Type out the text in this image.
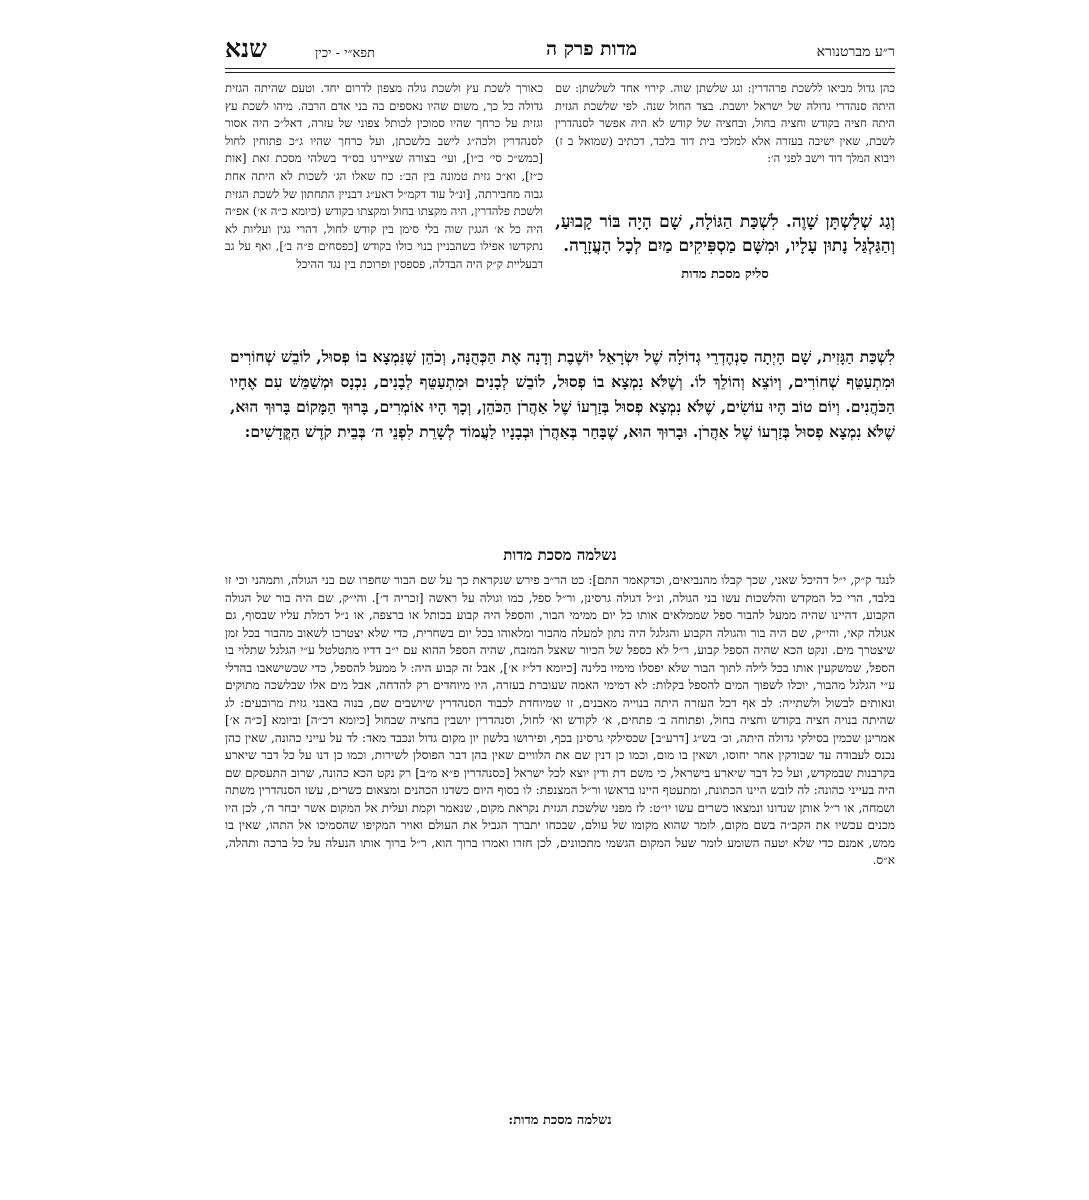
ר״ע מברטנורא
מדות פרק ה
תפא״י - יכין
שנא
כהן גדול מביאו ללשכת פרהדרין: וגג שלשתן שוה. קירוי אחד לשלשתן: שם היתה סנהדרי גדולה של ישראל יושבת. בצד החול שנה. לפי שלשכת הגזית היתה חציה בקודש וחציה בחול, ובחציה של קודש לא היה אפשר לסנהדרין לשבת, שאין ישיבה בעזרה אלא למלכי בית דוד בלבד, דכתיב (שמואל ב ז) ויבוא המלך דוד וישב לפני ה׳:
סליק מסכת מדות
כאורך לשכת עץ ולשכת גולה מצפון לדרום יחד. וטעם שהיתה הגזית גדולה כל כך, משום שהיו נאספים בה בני אדם הרבה. מיהו לשכת עץ וגזית על כרחך שהיו סמוכין לכותל צפוני של עזרה, דאל״כ היה אסור לסנהדרין ולכה״ג לישב בלשכתן, ועל כרחך שהיו ג״כ פתוחין לחול [כמש״כ סי׳ כ״ו], ועי׳ בצורה שציירנו בס״ד בשלהי מסכת זאת [אות כ״ז], וא״כ גזית טמונה בין הב׳: כח שאלו הג׳ לשכות לא היתה אחת גבוה מחבירתה, [ונ״ל עוד דקמ״ל דאע״ג דבניין התחתון של לשכת הגזית ולשכת פלהדרין, היה מקצתו בחול ומקצתו בקודש (כיומא כ״ה א׳) אפ״ה היה כל א׳ הגגין שוה בלי סימן בין קודש לחול, דהרי גגין ועליות לא נתקדשו אפילו כשהבניין בנוי כולו בקודש [כפסחים פ״ה ב׳], ואף על גב דבעליית ק״ק היה הבדלה, פספסין ופרוכת בין נגד ההיכל
וְגַג שְׁלָשְׁתָּן שָׁוֶה. לִשְׁכַּת הַגּוֹלָה, שָׁם הָיָה בּוֹר קָבוּעַ, וְהַגַּלְגַּל נָתוּן עָלָיו, וּמִשָּׁם מַסְפִּיקִים מַיִם לְכָל הָעֲזָרָה.
לִשְׁכַּת הַגָּזִית, שָׁם הָיְתָה סַנְהֶדְרֵי גְדוֹלָה שֶׁל יִשְׂרָאֵל יוֹשֶׁבֶת וְדָנָה אֶת הַכְּהֻנָּה, וְכֹהֵן שֶׁנִּמְצָא בוֹ פְסוּל, לוֹבֵשׁ שְׁחוֹרִים וּמִתְעַטֵּף שְׁחוֹרִים, וְיוֹצֵא וְהוֹלֵךְ לוֹ. וְשֶׁלֹּא נִמְצָא בוֹ פְסוּל, לוֹבֵשׁ לְבָנִים וּמִתְעַטֵּף לְבָנִים, נִכְנָס וּמְשַׁמֵּשׁ עִם אֶחָיו הַכֹּהֲנִים. וְיוֹם טוֹב הָיוּ עוֹשִׂים, שֶׁלֹּא נִמְצָא פְסוּל בְּזַרְעוֹ שֶׁל אַהֲרֹן הַכֹּהֵן, וְכָךְ הָיוּ אוֹמְרִים, בָּרוּךְ הַמָּקוֹם בָּרוּךְ הוּא, שֶׁלֹּא נִמְצָא פְסוּל בְּזַרְעוֹ שֶׁל אַהֲרֹן. וּבָרוּךְ הוּא, שֶׁבָּחַר בְּאַהֲרֹן וּבְבָנָיו לַעֲמוֹד לְשָׁרֵת לִפְנֵי ה׳ בְּבֵית קֹדֶשׁ הַקֳּדָשִׁים:
נשלמה מסכת מדות
לנגד ק״ק, י״ל דהיכל שאני, שכך קבלו מהנביאים, וכדקאמר התם]: כט הר״ב פירש שנקראת כך על שם הבור שחפרו שם בני הגולה, ותמהני וכי זו בלבד, הרי כל המקדש והלשכות עשו בני הגולה, ונ״ל דגולה גרסינן, ור״ל ספל, כמו וגולה על ראשה [זכריה ד׳]. והי״ק, שם היה בור של הגולה הקבוע, דהיינו שהיה ממעל להבור ספל שממלאים אותו כל יום ממימי הבור, והספל היה קבוע בכותל או ברצפה, או נ״ל דמלת עליו שבסוף, גם אגולה קאי, והי״ק, שם היה בור והגולה הקבוע והגלגל היה נתון למעלה מהבור ומלאוהו בכל יום בשחרית, כדי שלא יצטרכו לשאוב מהבור בכל זמן שיצטרך מים. ונקט הכא שהיה הספל קבוע, ר״ל לא כספל של הכיור שאצל המזבח, שהיה הספל ההוא עם י״ב דדיו מתטלטל ע״י הגלגל שתלוי בו הספל, שמשקעין אותו בכל לילה לתוך הבור שלא יפסלו מימיו בלינה [כיומא דל״ז א׳], אבל זה קבוע היה: ל ממעל להספל, כדי שכשישאבו בהדלי ע״י הגלגל מהבור, יוכלו לשפוך המים להספל בקלות: לא דמימי האמה שעוברת בעזרה, היו מיוחדים רק להדחה, אבל מים אלו שבלשכה מתוקים ונאותים לבשול ולשתייה: לב אף דכל העזרה היתה בנוייה מאבנים, זו שמיוחדת לכבוד הסנהדרין שיושבים שם, בנוה באבני גזית מרובעים: לג שהיתה בנויה חציה בקודש וחציה בחול, ופתוחה ב׳ פתחים, א׳ לקודש וא׳ לחול, וסנהדרין יושבין בחציה שבחול [כיומא דכ״ה] וביומא [כ״ה א׳] אמרינן שכמין בסילקי גדולה היתה, וכ׳ בש״ג [דרע״ב] שכסילקי גרסינן בכף, ופירושו בלשון יון מקום גדול ונכבד מאד: לד על עייני כהונה, שאין כהן נכנס לעבודה עד שבודקין אחר יחוסו, ושאין בו מום, וכמו כן דנין שם את הלוויים שאין בהן דבר הפוסלן לשירות, וכמו כן דנו על כל דבר שיארע בקרבנות שבמקדש, ועל כל דבר שיארע בישראל, כי משם דת ודין יוצא לכל ישראל [כסנהדרין פ״א מ״ב] רק נקט הכא כהונה, שרוב התעסקם שם היה בעייני כהונה: לה לובש היינו הכתונת, ומתעטף היינו בראשו ור״ל המצנפת: לו בסוף היום כשדנו הכהנים ומצאום כשרים, עשו הסנהדרין משתה ושמחה, או ר״ל אותן שנדונו ונמצאו כשרים עשו יו״ט: לז מפני שלשכת הגזית נקראת מקום, שנאמר וקמת ועלית אל המקום אשר יבחר ה׳, לכן היו מכנים עכשיו את הקב״ה בשם מקום, לומר שהוא מקומו של עולם, שבכחו יתברך הגביל את העולם ואויר המקיפו שהסמיכו אל התהו, שאין בו ממש, אמנם כדי שלא יטעה השומע לומר שעל המקום הגשמי מתכוונים, לכן חזרו ואמרו ברוך הוא, ר״ל ברוך אותו הנעלה על כל ברכה ותהלה, א״ס.
נשלמה מסכת מדות:
